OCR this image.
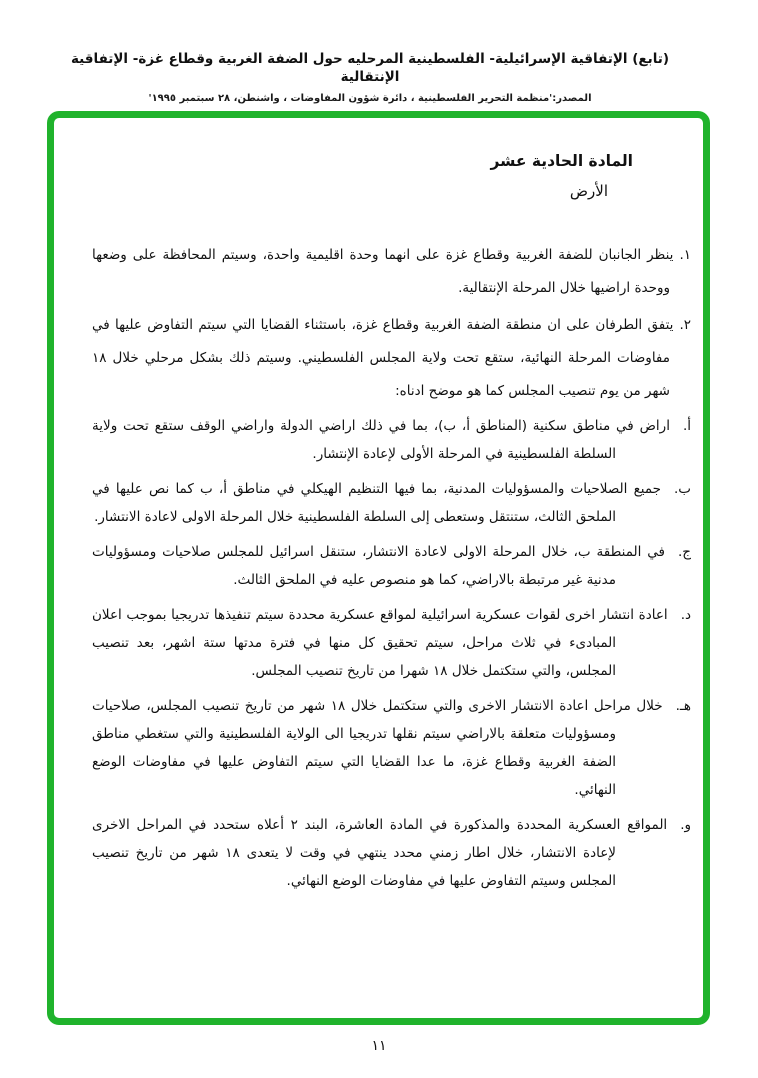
(تابع) الإتفاقية الإسرائيلية- الفلسطينية المرحليه حول الضفة الغربية وقطاع غزة- الإتفاقية الإنتقالية
المصدر:'منظمة التحرير الفلسطينية ، دائرة شؤون المفاوضات ، واشنطن، ٢٨ سبتمبر ١٩٩٥'
المادة الحادية عشر
الأرض

١.ينظر الجانبان للضفة الغربية وقطاع غزة على انهما وحدة اقليمية واحدة، وسيتم المحافظة على وضعها ووحدة اراضيها خلال المرحلة الإنتقالية.

٢.يتفق الطرفان على ان منطقة الضفة الغربية وقطاع غزة، باستثناء القضايا التي سيتم التفاوض عليها في مفاوضات المرحلة النهائية، ستقع تحت ولاية المجلس الفلسطيني. وسيتم ذلك بشكل مرحلي خلال ١٨ شهر من يوم تنصيب المجلس كما هو موضح ادناه:

أ.اراض في مناطق سكنية (المناطق أ، ب)، بما في ذلك اراضي الدولة واراضي الوقف ستقع تحت ولاية السلطة الفلسطينية في المرحلة الأولى لإعادة الإنتشار.

ب.جميع الصلاحيات والمسؤوليات المدنية، بما فيها التنظيم الهيكلي في مناطق أ، ب كما نص عليها في الملحق الثالث، ستنتقل وستعطى إلى السلطة الفلسطينية خلال المرحلة الاولى لاعادة الانتشار.

ج.في المنطقة ب، خلال المرحلة الاولى لاعادة الانتشار، ستنقل اسرائيل للمجلس صلاحيات ومسؤوليات مدنية غير مرتبطة بالاراضي، كما هو منصوص عليه في الملحق الثالث.

د.اعادة انتشار اخرى لقوات عسكرية اسرائيلية لمواقع عسكرية محددة سيتم تنفيذها تدريجيا بموجب اعلان المبادىء في ثلاث مراحل، سيتم تحقيق كل منها في فترة مدتها ستة اشهر، بعد تنصيب المجلس، والتي ستكتمل خلال ١٨ شهرا من تاريخ تنصيب المجلس.

هـ.خلال مراحل اعادة الانتشار الاخرى والتي ستكتمل خلال ١٨ شهر من تاريخ تنصيب المجلس، صلاحيات ومسؤوليات متعلقة بالاراضي سيتم نقلها تدريجيا الى الولاية الفلسطينية والتي ستغطي مناطق الضفة الغربية وقطاع غزة، ما عدا القضايا التي سيتم التفاوض عليها في مفاوضات الوضع النهائي.

و.المواقع العسكرية المحددة والمذكورة في المادة العاشرة، البند ٢ أعلاه ستحدد في المراحل الاخرى لإعادة الانتشار، خلال اطار زمني محدد ينتهي في وقت لا يتعدى ١٨ شهر من تاريخ تنصيب المجلس وسيتم التفاوض عليها في مفاوضات الوضع النهائي.

١١
